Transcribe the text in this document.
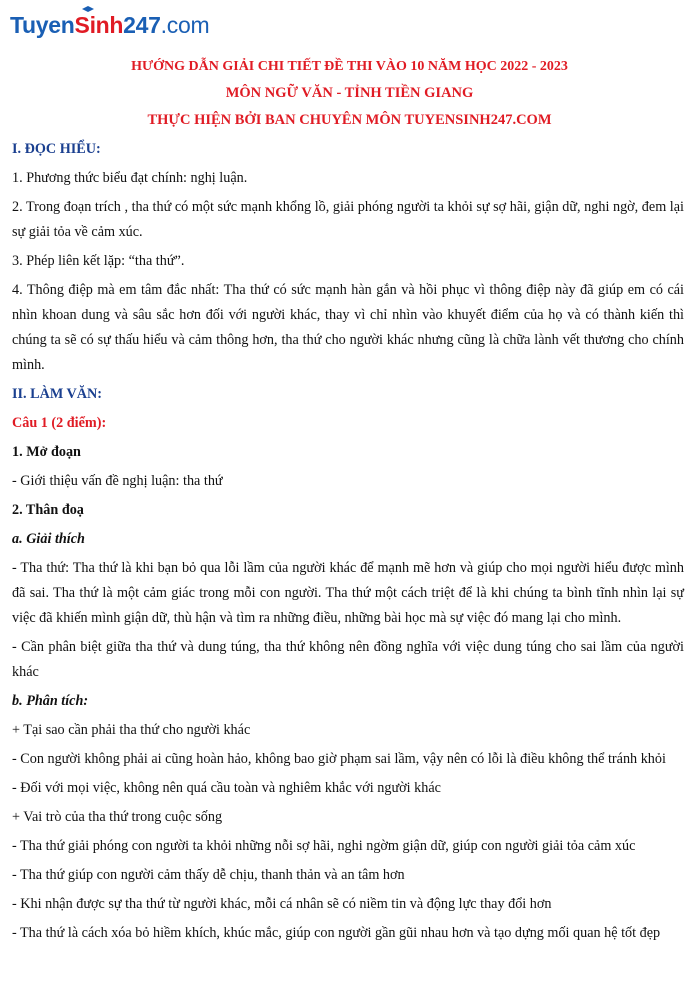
Tuyen
Sinh247.com
HƯỚNG DẪN GIẢI CHI TIẾT ĐỀ THI VÀO 10 NĂM HỌC 2022 - 2023
MÔN NGỮ VĂN - TỈNH TIỀN GIANG
THỰC HIỆN BỞI BAN CHUYÊN MÔN TUYENSINH247.COM

I. ĐỌC HIỂU:

1. Phương thức biểu đạt chính: nghị luận.

2. Trong đoạn trích , tha thứ có một sức mạnh khổng lồ, giải phóng người ta khỏi sự sợ hãi, giận dữ, nghi ngờ, đem lại sự giải tỏa về cảm xúc.

3. Phép liên kết lặp: “tha thứ”.

4. Thông điệp mà em tâm đắc nhất: Tha thứ có sức mạnh hàn gắn và hồi phục vì thông điệp này đã giúp em có cái nhìn khoan dung và sâu sắc hơn đối với người khác, thay vì chỉ nhìn vào khuyết điểm của họ và có thành kiến thì chúng ta sẽ có sự thấu hiểu và cảm thông hơn, tha thứ cho người khác nhưng cũng là chữa lành vết thương cho chính mình.

II. LÀM VĂN:

Câu 1 (2 điểm):

1. Mở đoạn

- Giới thiệu vấn đề nghị luận: tha thứ

2. Thân đoạ

a. Giải thích

- Tha thứ: Tha thứ là khi bạn bỏ qua lỗi lầm của người khác để mạnh mẽ hơn và giúp cho mọi người hiểu được mình đã sai. Tha thứ là một cảm giác trong mỗi con người. Tha thứ một cách triệt để là khi chúng ta bình tĩnh nhìn lại sự việc đã khiến mình giận dữ, thù hận và tìm ra những điều, những bài học mà sự việc đó mang lại cho mình.

- Cần phân biệt giữa tha thứ và dung túng, tha thứ không nên đồng nghĩa với việc dung túng cho sai lầm của người khác

b. Phân tích:

+ Tại sao cần phải tha thứ cho người khác

- Con người không phải ai cũng hoàn hảo, không bao giờ phạm sai lầm, vậy nên có lỗi là điều không thể tránh khỏi

- Đối với mọi việc, không nên quá cầu toàn và nghiêm khắc với người khác

+ Vai trò của tha thứ trong cuộc sống

- Tha thứ giải phóng con người ta khỏi những nỗi sợ hãi, nghi ngờm giận dữ, giúp con người giải tỏa cảm xúc

- Tha thứ giúp con người cảm thấy dễ chịu, thanh thản và an tâm hơn

- Khi nhận được sự tha thứ từ người khác, mỗi cá nhân sẽ có niềm tin và động lực thay đổi hơn

- Tha thứ là cách xóa bỏ hiềm khích, khúc mắc, giúp con người gần gũi nhau hơn và tạo dựng mối quan hệ tốt đẹp
